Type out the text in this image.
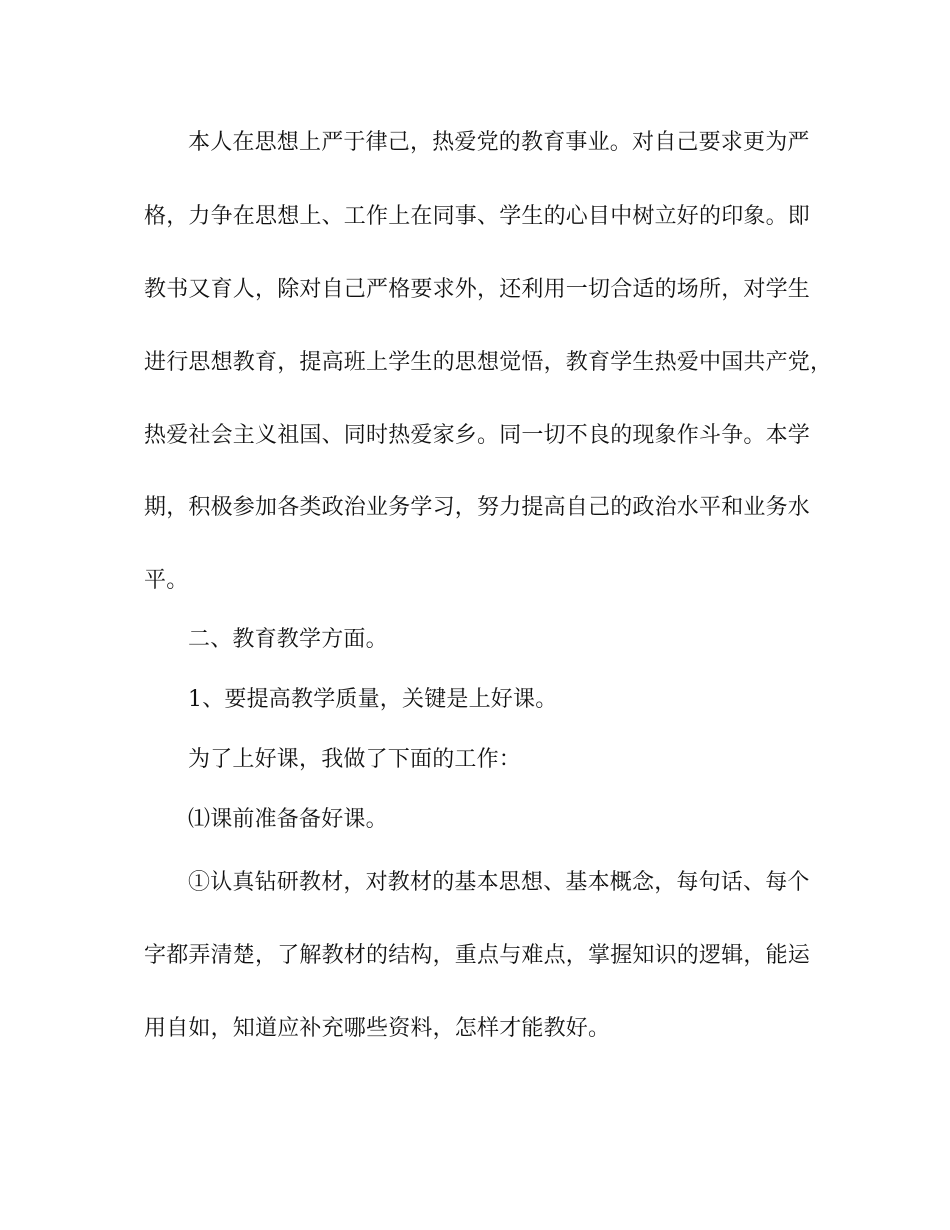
本人在思想上严于律己，热爱党的教育事业。对自己要求更为严
格，力争在思想上、工作上在同事、学生的心目中树立好的印象。即
教书又育人，除对自己严格要求外，还利用一切合适的场所，对学生
进行思想教育，提高班上学生的思想觉悟，教育学生热爱中国共产党，
热爱社会主义祖国、同时热爱家乡。同一切不良的现象作斗争。本学
期，积极参加各类政治业务学习，努力提高自己的政治水平和业务水
平。
二、教育教学方面。
1、要提高教学质量，关键是上好课。
为了上好课，我做了下面的工作：
⑴课前准备备好课。
①认真钻研教材，对教材的基本思想、基本概念，每句话、每个
字都弄清楚，了解教材的结构，重点与难点，掌握知识的逻辑，能运
用自如，知道应补充哪些资料，怎样才能教好。
